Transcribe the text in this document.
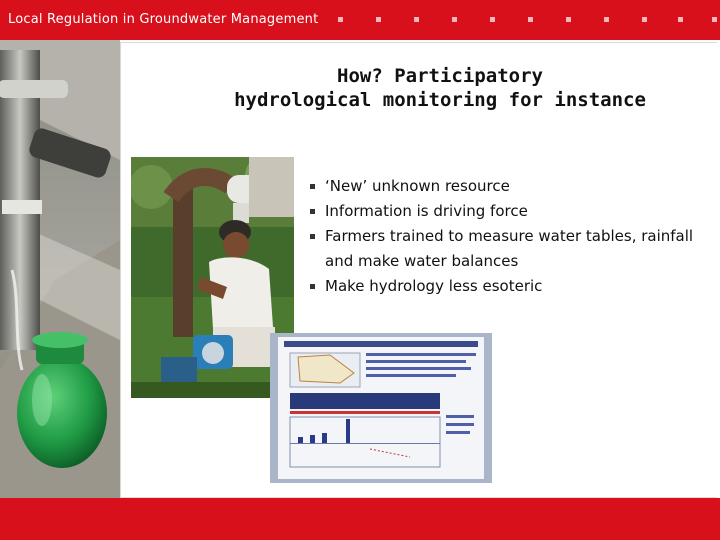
Local Regulation in Groundwater Management
How? Participatory
hydrological monitoring for instance
‘New’ unknown resource
Information is driving force
Farmers trained to measure water tables, rainfall and make water balances
Make hydrology less esoteric
